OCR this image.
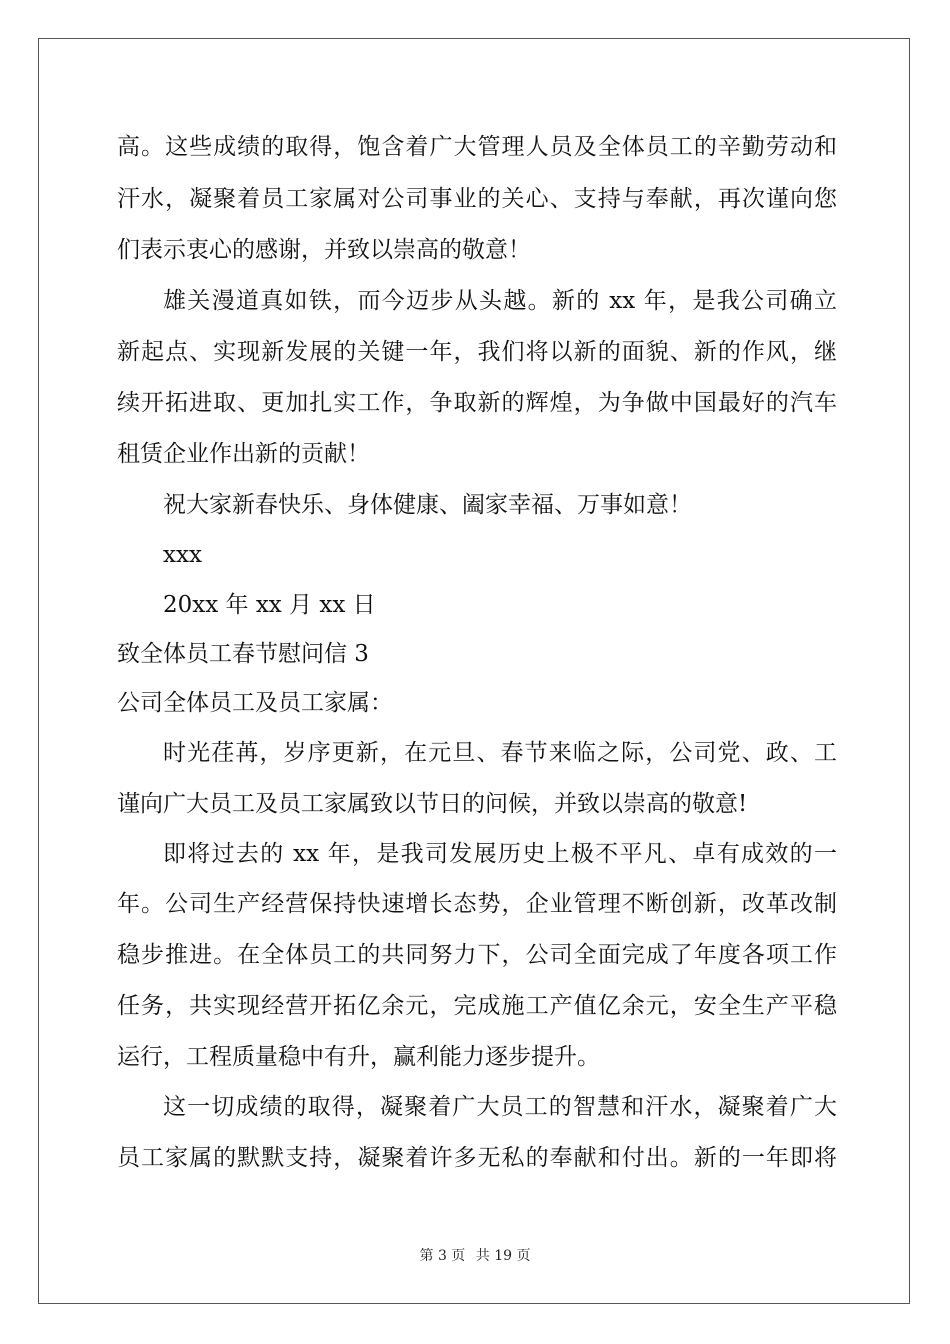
高。这些成绩的取得，饱含着广大管理人员及全体员工的辛勤劳动和

汗水，凝聚着员工家属对公司事业的关心、支持与奉献，再次谨向您

们表示衷心的感谢，并致以崇高的敬意！

雄关漫道真如铁，而今迈步从头越。新的 xx 年，是我公司确立

新起点、实现新发展的关键一年，我们将以新的面貌、新的作风，继

续开拓进取、更加扎实工作，争取新的辉煌，为争做中国最好的汽车

租赁企业作出新的贡献！

祝大家新春快乐、身体健康、阖家幸福、万事如意！

xxx

20xx 年 xx 月 xx 日

致全体员工春节慰问信 3

公司全体员工及员工家属：

时光荏苒，岁序更新，在元旦、春节来临之际，公司党、政、工

谨向广大员工及员工家属致以节日的问候，并致以崇高的敬意!

即将过去的 xx 年，是我司发展历史上极不平凡、卓有成效的一

年。公司生产经营保持快速增长态势，企业管理不断创新，改革改制

稳步推进。在全体员工的共同努力下，公司全面完成了年度各项工作

任务，共实现经营开拓亿余元，完成施工产值亿余元，安全生产平稳

运行，工程质量稳中有升，赢利能力逐步提升。

这一切成绩的取得，凝聚着广大员工的智慧和汗水，凝聚着广大

员工家属的默默支持，凝聚着许多无私的奉献和付出。新的一年即将

第 3 页 共 19 页
